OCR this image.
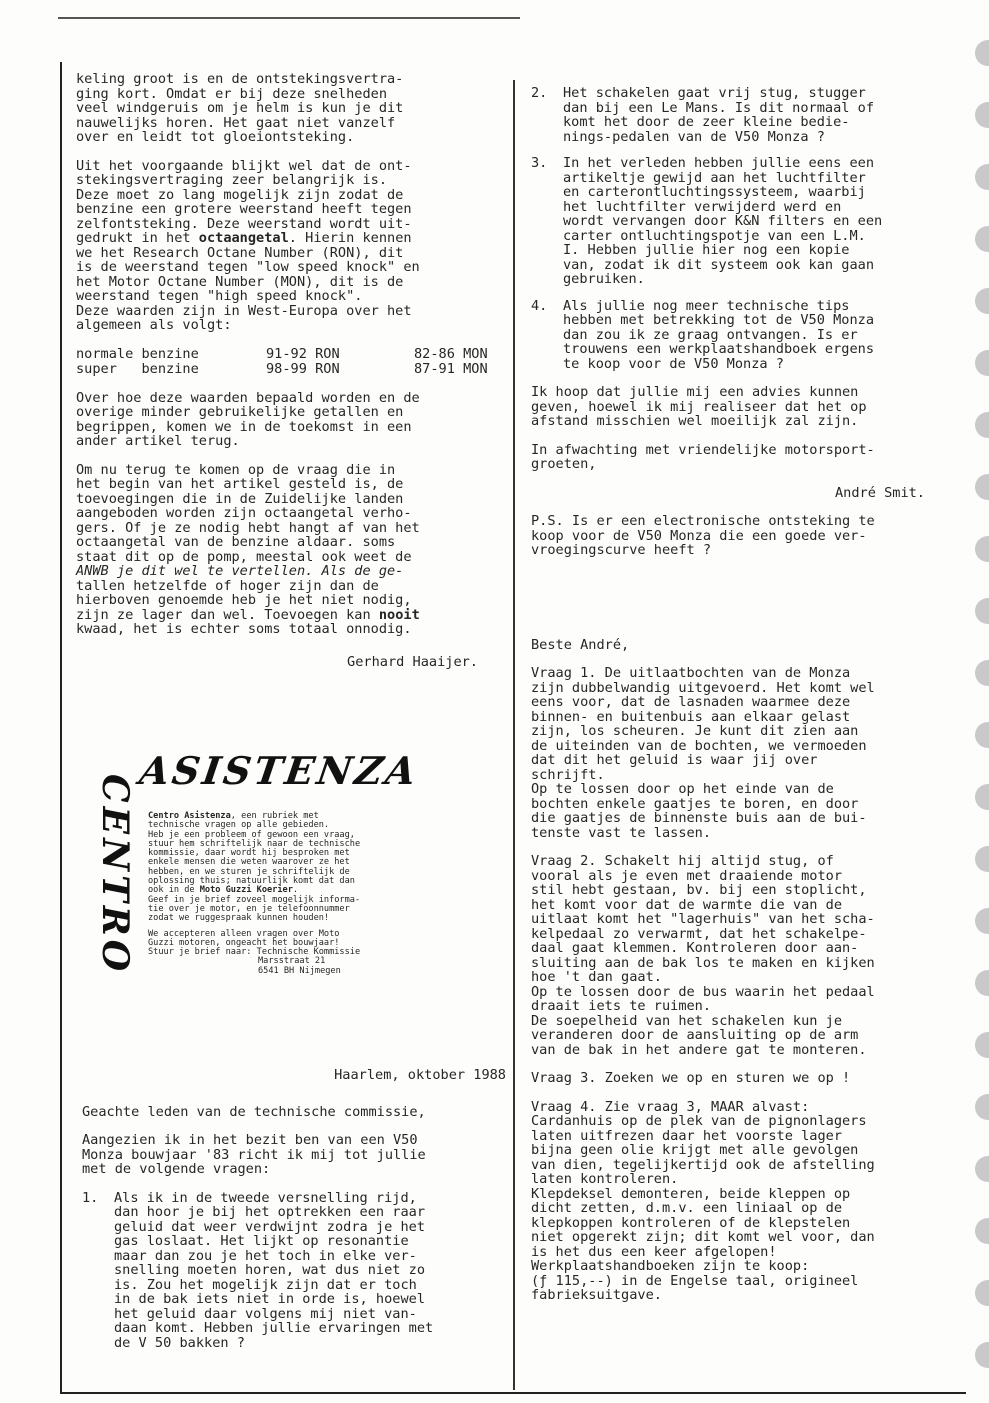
keling groot is en de ontstekingsvertra-
ging kort. Omdat er bij deze snelheden
veel windgeruis om je helm is kun je dit
nauwelijks horen. Het gaat niet vanzelf
over en leidt tot gloeiontsteking.

Uit het voorgaande blijkt wel dat de ont-
stekingsvertraging zeer belangrijk is.
Deze moet zo lang mogelijk zijn zodat de
benzine een grotere weerstand heeft tegen
zelfontsteking. Deze weerstand wordt uit-
gedrukt in het octaangetal. Hierin kennen
we het Research Octane Number (RON), dit
is de weerstand tegen "low speed knock" en
het Motor Octane Number (MON), dit is de
weerstand tegen "high speed knock".
Deze waarden zijn in West-Europa over het
algemeen als volgt:

normale benzine	91-92 RON	82-86 MON
super   benzine	98-99 RON	87-91 MON

Over hoe deze waarden bepaald worden en de
overige minder gebruikelijke getallen en
begrippen, komen we in de toekomst in een
ander artikel terug.

Om nu terug te komen op de vraag die in
het begin van het artikel gesteld is, de
toevoegingen die in de Zuidelijke landen
aangeboden worden zijn octaangetal verho-
gers. Of je ze nodig hebt hangt af van het
octaangetal van de benzine aldaar. soms
staat dit op de pomp, meestal ook weet de
ANWB je dit wel te vertellen. Als de ge-
tallen hetzelfde of hoger zijn dan de
hierboven genoemde heb je het niet nodig,
zijn ze lager dan wel. Toevoegen kan nooit
kwaad, het is echter soms totaal onnodig.

Gerhard Haaijer.

ASISTENZA
CENTRO Centro Asistenza, een rubriek met
technische vragen op alle gebieden.
Heb je een probleem of gewoon een vraag,
stuur hem schriftelijk naar de technische
kommissie, daar wordt hij besproken met
enkele mensen die weten waarover ze het
hebben, en we sturen je schriftelijk de
oplossing thuis; natuurlijk komt dat dan
ook in de Moto Guzzi Koerier.
Geef in je brief zoveel mogelijk informa-
tie over je motor, en je telefoonnummer
zodat we ruggespraak kunnen houden!

We accepteren alleen vragen over Moto
Guzzi motoren, ongeacht het bouwjaar!
Stuur je brief naar: Technische Kommissie

Marsstraat 21
6541 BH Nijmegen

Haarlem, oktober 1988

Geachte leden van de technische commissie,

Aangezien ik in het bezit ben van een V50
Monza bouwjaar '83 richt ik mij tot jullie
met de volgende vragen:

1. Als ik in de tweede versnelling rijd,
dan hoor je bij het optrekken een raar
geluid dat weer verdwijnt zodra je het
gas loslaat. Het lijkt op resonantie
maar dan zou je het toch in elke ver-
snelling moeten horen, wat dus niet zo
is. Zou het mogelijk zijn dat er toch
in de bak iets niet in orde is, hoewel
het geluid daar volgens mij niet van-
daan komt. Hebben jullie ervaringen met
de V 50 bakken ?
2. Het schakelen gaat vrij stug, stugger
dan bij een Le Mans. Is dit normaal of
komt het door de zeer kleine bedie-
nings-pedalen van de V50 Monza ?
3. In het verleden hebben jullie eens een
artikeltje gewijd aan het luchtfilter
en carterontluchtingssysteem, waarbij
het luchtfilter verwijderd werd en
wordt vervangen door K&N filters en een
carter ontluchtingspotje van een L.M.
I. Hebben jullie hier nog een kopie
van, zodat ik dit systeem ook kan gaan
gebruiken.
4. Als jullie nog meer technische tips
hebben met betrekking tot de V50 Monza
dan zou ik ze graag ontvangen. Is er
trouwens een werkplaatshandboek ergens
te koop voor de V50 Monza ?

Ik hoop dat jullie mij een advies kunnen
geven, hoewel ik mij realiseer dat het op
afstand misschien wel moeilijk zal zijn.

In afwachting met vriendelijke motorsport-
groeten,

André Smit.

P.S. Is er een electronische ontsteking te
koop voor de V50 Monza die een goede ver-
vroegingscurve heeft ?

Beste André,

Vraag 1. De uitlaatbochten van de Monza
zijn dubbelwandig uitgevoerd. Het komt wel
eens voor, dat de lasnaden waarmee deze
binnen- en buitenbuis aan elkaar gelast
zijn, los scheuren. Je kunt dit zien aan
de uiteinden van de bochten, we vermoeden
dat dit het geluid is waar jij over
schrijft.
Op te lossen door op het einde van de
bochten enkele gaatjes te boren, en door
die gaatjes de binnenste buis aan de bui-
tenste vast te lassen.

Vraag 2. Schakelt hij altijd stug, of
vooral als je even met draaiende motor
stil hebt gestaan, bv. bij een stoplicht,
het komt voor dat de warmte die van de
uitlaat komt het "lagerhuis" van het scha-
kelpedaal zo verwarmt, dat het schakelpe-
daal gaat klemmen. Kontroleren door aan-
sluiting aan de bak los te maken en kijken
hoe 't dan gaat.
Op te lossen door de bus waarin het pedaal
draait iets te ruimen.
De soepelheid van het schakelen kun je
veranderen door de aansluiting op de arm
van de bak in het andere gat te monteren.

Vraag 3. Zoeken we op en sturen we op !

Vraag 4. Zie vraag 3, MAAR alvast:
Cardanhuis op de plek van de pignonlagers
laten uitfrezen daar het voorste lager
bijna geen olie krijgt met alle gevolgen
van dien, tegelijkertijd ook de afstelling
laten kontroleren.
Klepdeksel demonteren, beide kleppen op
dicht zetten, d.m.v. een liniaal op de
klepkoppen kontroleren of de klepstelen
niet opgerekt zijn; dit komt wel voor, dan
is het dus een keer afgelopen!
Werkplaatshandboeken zijn te koop:
(ƒ 115,--) in de Engelse taal, origineel
fabrieksuitgave.
